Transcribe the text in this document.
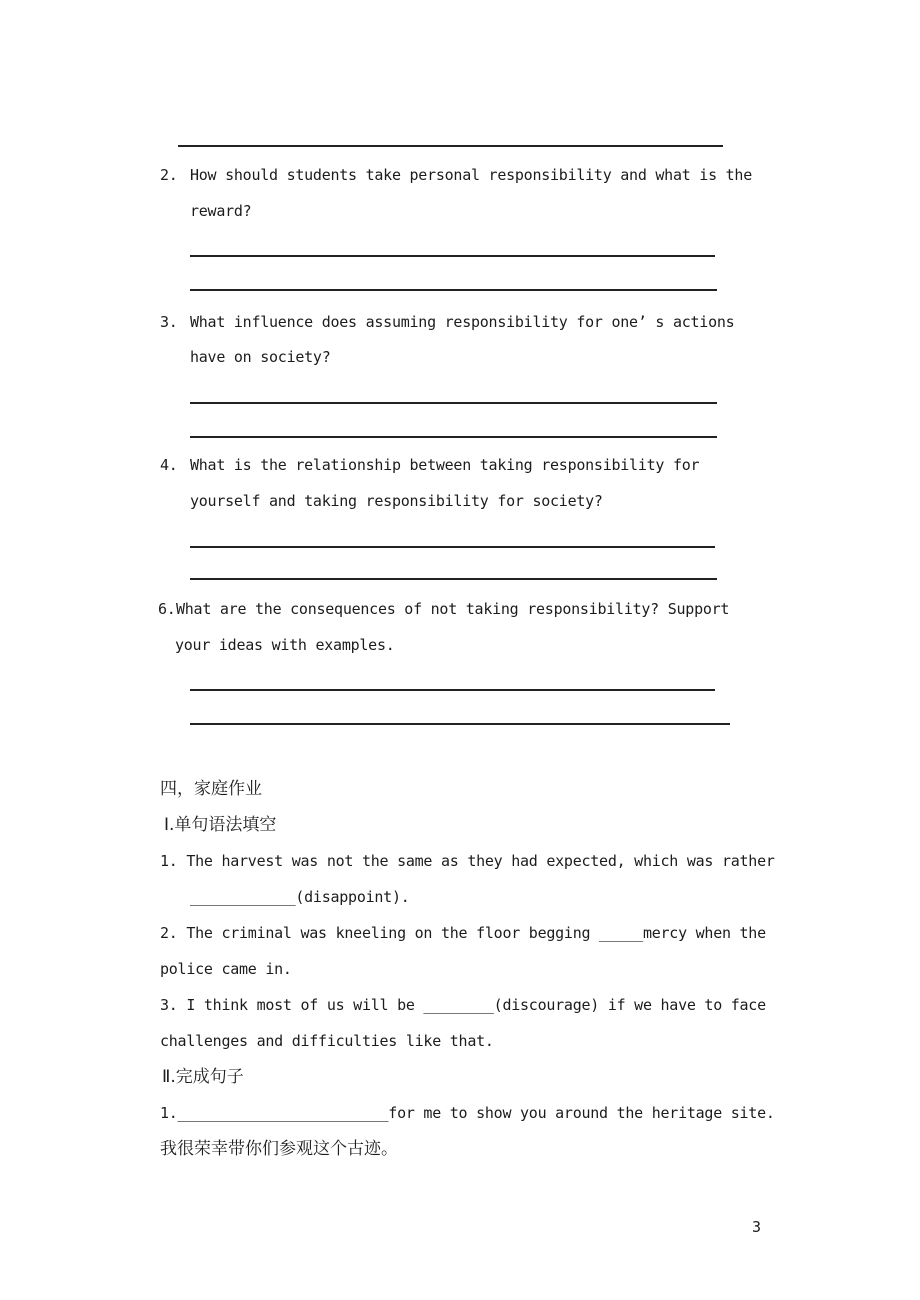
2. How should students take personal responsibility and what is the
reward?
3. What influence does assuming responsibility for one’ s actions
have on society?
4. What is the relationship between taking responsibility for
yourself and taking responsibility for society?
6. What are the consequences of not taking responsibility? Support
your ideas with examples.
四，家庭作业
Ⅰ.单句语法填空
1. The harvest was not the same as they had expected, which was rather
____________(disappoint).
2. The criminal was kneeling on the floor begging _____mercy when the
police came in.
3. I think most of us will be ________(discourage) if we have to face
challenges and difficulties like that.
Ⅱ.完成句子
1.________________________for me to show you around the heritage site.
我很荣幸带你们参观这个古迹。
3
